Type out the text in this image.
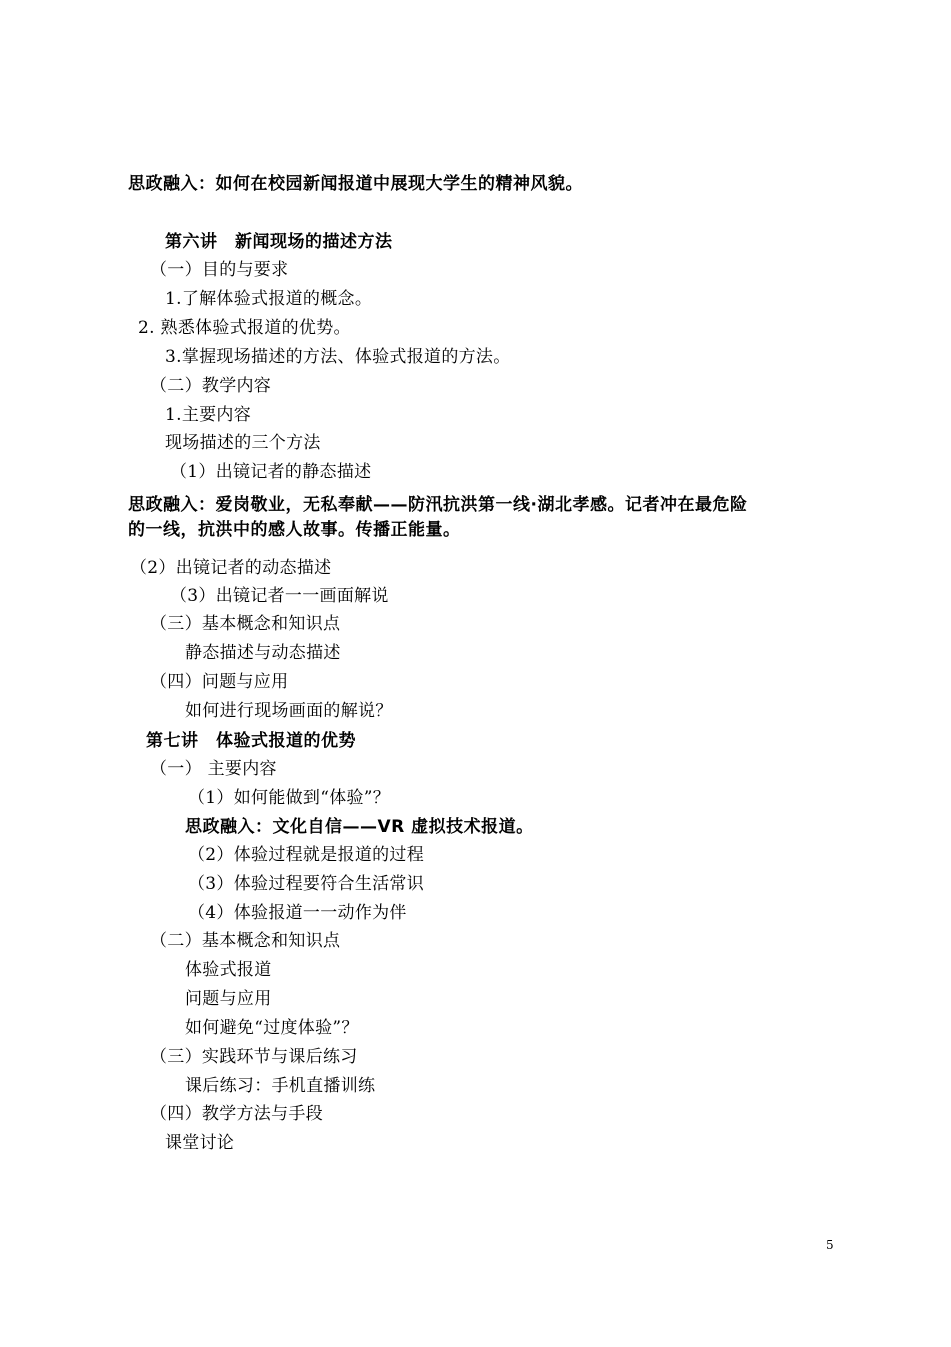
思政融入：如何在校园新闻报道中展现大学生的精神风貌。
第六讲　新闻现场的描述方法
（一）目的与要求
1.了解体验式报道的概念。
2. 熟悉体验式报道的优势。
3.掌握现场描述的方法、体验式报道的方法。
（二）教学内容
1.主要内容
现场描述的三个方法
（1）出镜记者的静态描述
思政融入：爱岗敬业，无私奉献——防汛抗洪第一线·湖北孝感。记者冲在最危险
的一线，抗洪中的感人故事。传播正能量。
（2）出镜记者的动态描述
（3）出镜记者一一画面解说
（三）基本概念和知识点
静态描述与动态描述
（四）问题与应用
如何进行现场画面的解说？
第七讲　体验式报道的优势
（一） 主要内容
（1）如何能做到“体验”？
思政融入：文化自信——VR 虚拟技术报道。
（2）体验过程就是报道的过程
（3）体验过程要符合生活常识
（4）体验报道一一动作为伴
（二）基本概念和知识点
体验式报道
问题与应用
如何避免“过度体验”？
（三）实践环节与课后练习
课后练习：手机直播训练
（四）教学方法与手段
课堂讨论
5
